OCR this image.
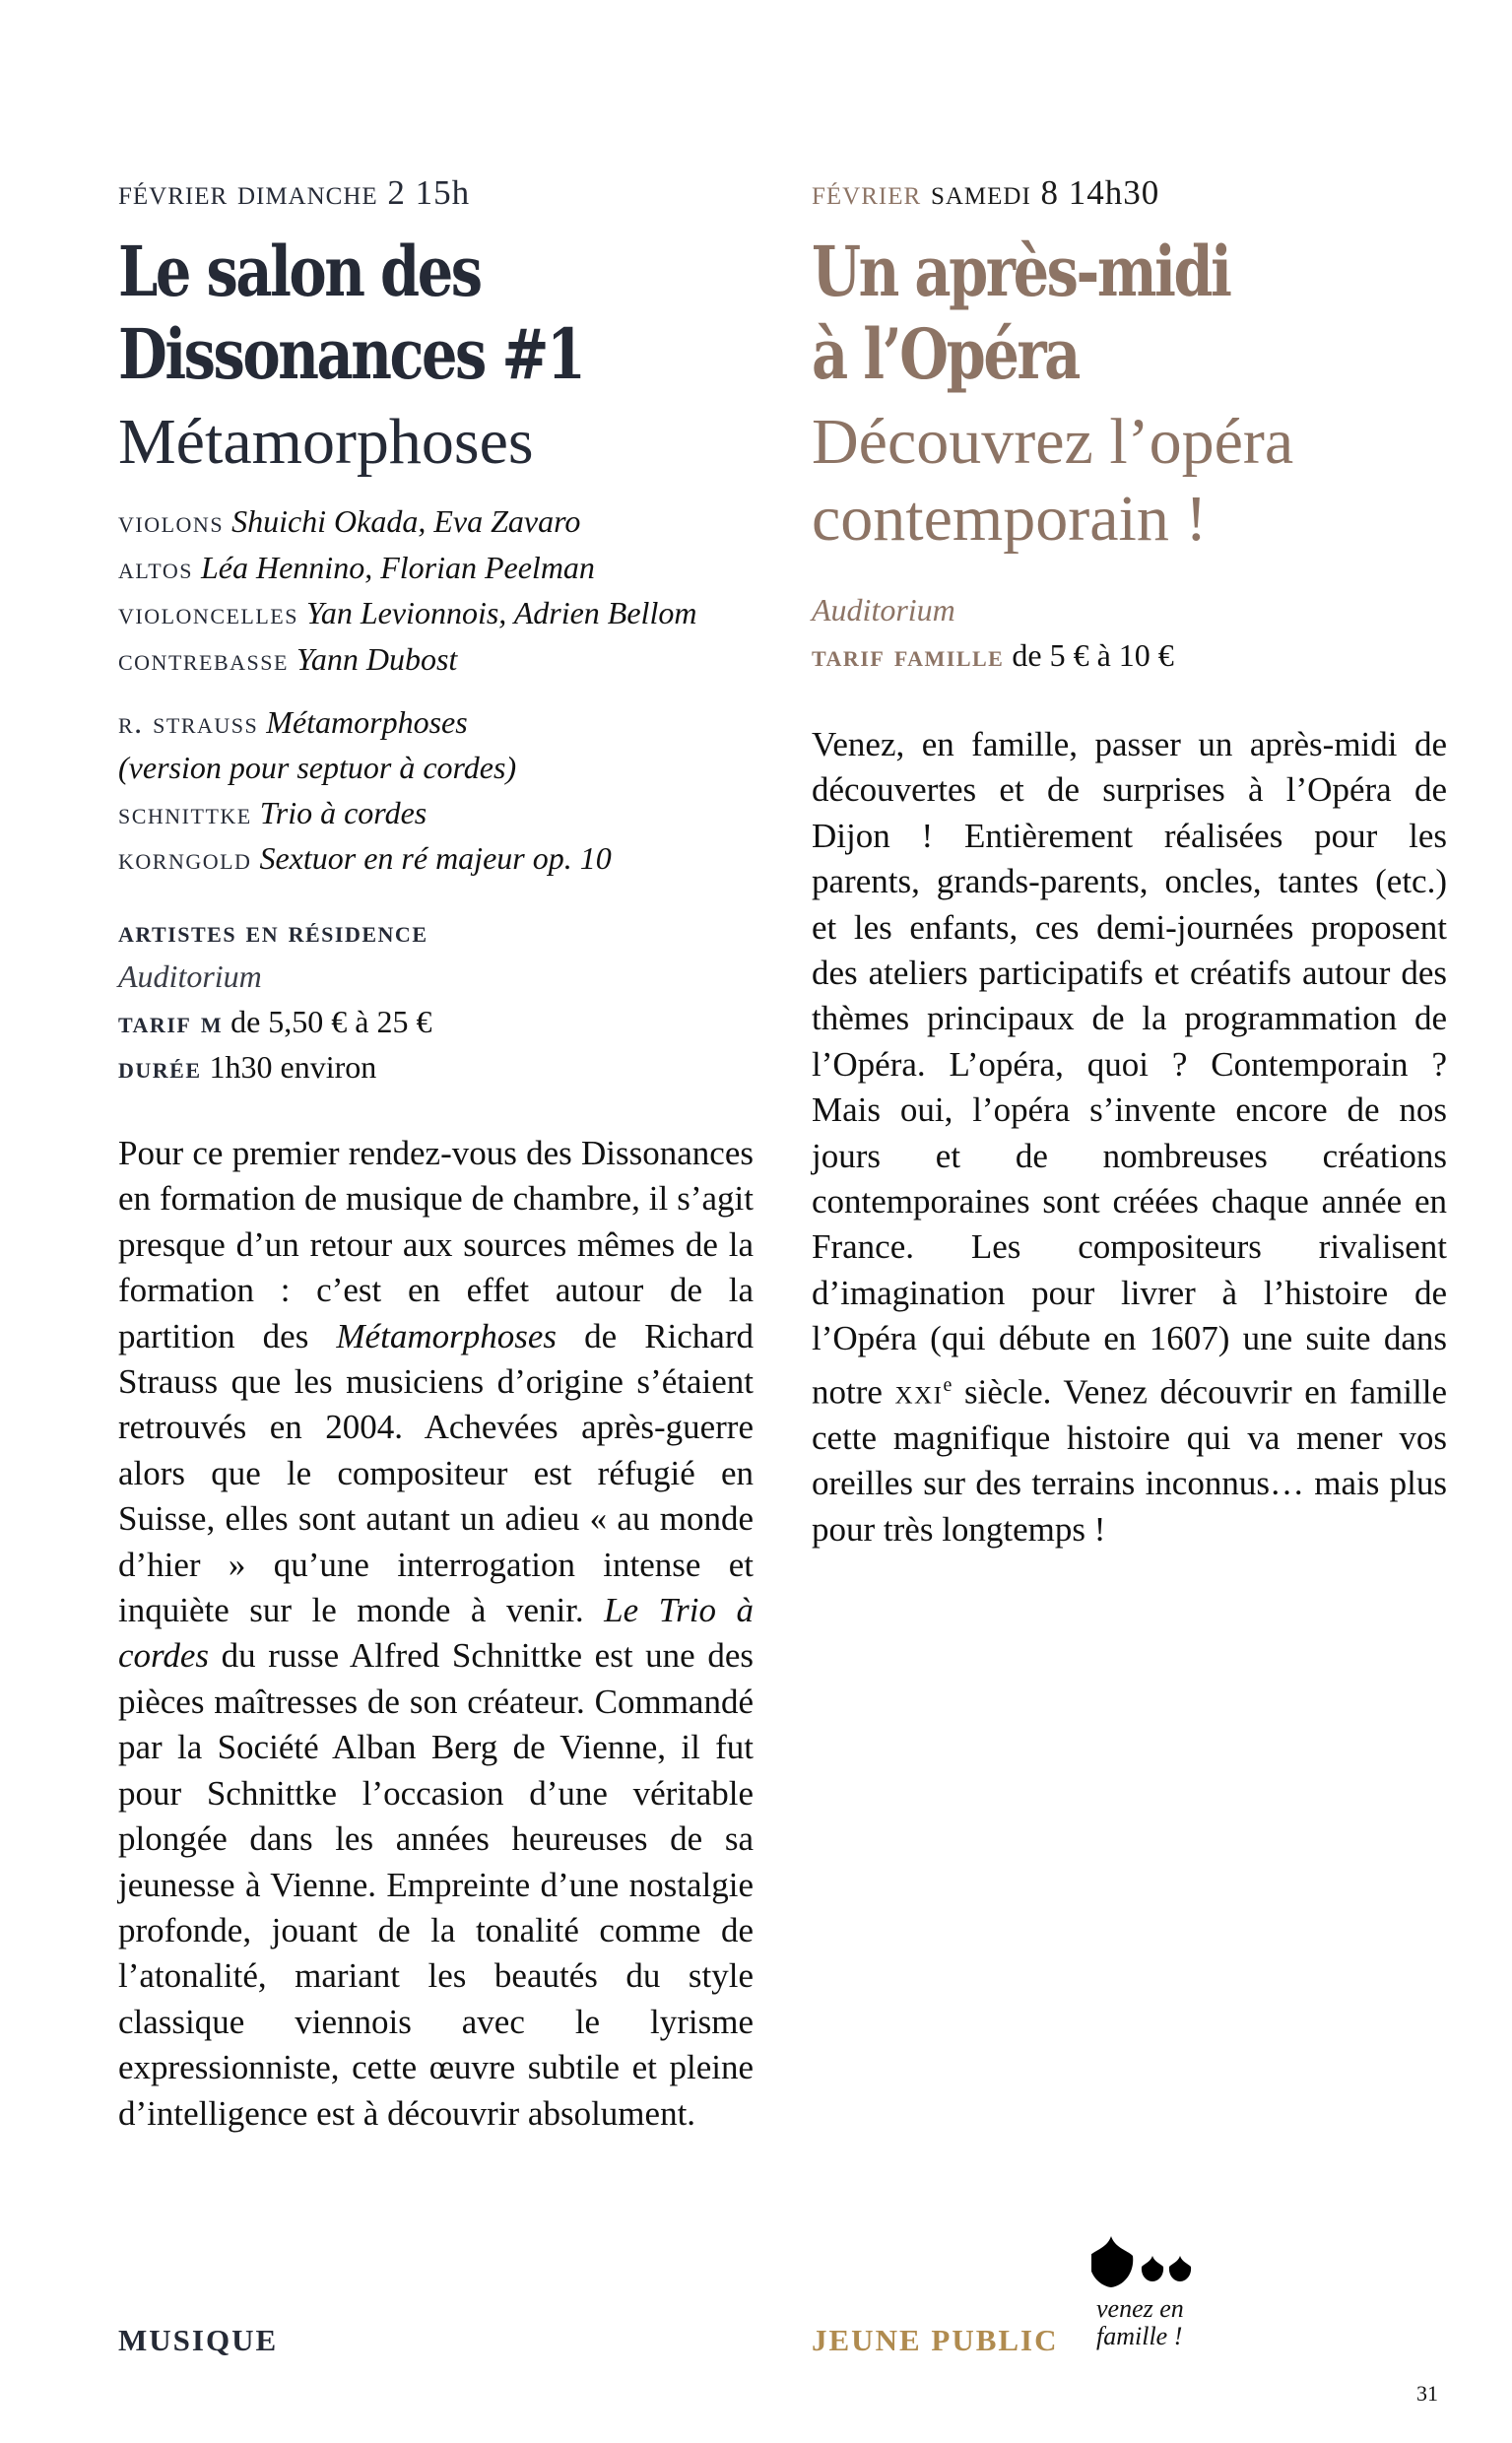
février dimanche 2 15h
Le salon des
Dissonances #1
Métamorphoses
violons Shuichi Okada, Eva Zavaro
altos Léa Hennino, Florian Peelman
violoncelles Yan Levionnois, Adrien Bellom
contrebasse Yann Dubost
r. strauss Métamorphoses
(version pour septuor à cordes)
schnittke Trio à cordes
korngold Sextuor en ré majeur op. 10
artistes en résidence
Auditorium
tarif m de 5,50 € à 25 €
durée 1h30 environ

Pour ce premier rendez-vous des Dissonances en formation de musique de chambre, il s’agit presque d’un retour aux sources mêmes de la formation : c’est en effet autour de la partition des Métamorphoses de Richard Strauss que les musiciens d’origine s’étaient retrouvés en 2004. Achevées après-guerre alors que le compositeur est réfugié en Suisse, elles sont autant un adieu « au monde d’hier » qu’une interrogation intense et inquiète sur le monde à venir. Le Trio à cordes du russe Alfred Schnittke est une des pièces maîtresses de son créateur. Commandé par la Société Alban Berg de Vienne, il fut pour Schnittke l’occasion d’une véritable plongée dans les années heureuses de sa jeunesse à Vienne. Empreinte d’une nostalgie profonde, jouant de la tonalité comme de l’atonalité, mariant les beautés du style classique viennois avec le lyrisme expressionniste, cette œuvre subtile et pleine d’intelligence est à découvrir absolument.

février samedi 8 14h30
Un après-midi
à l’Opéra
Découvrez l’opéra
contemporain !
Auditorium
tarif famille de 5 € à 10 €

Venez, en famille, passer un après-midi de découvertes et de surprises à l’Opéra de Dijon ! Entièrement réalisées pour les parents, grands-parents, oncles, tantes (etc.) et les enfants, ces demi-journées proposent des ateliers participatifs et créatifs autour des thèmes principaux de la programmation de l’Opéra. L’opéra, quoi ? Contemporain ? Mais oui, l’opéra s’invente encore de nos jours et de nombreuses créations contemporaines sont créées chaque année en France. Les compositeurs rivalisent d’imagination pour livrer à l’histoire de l’Opéra (qui débute en 1607) une suite dans notre xxi$^e$ siècle. Venez découvrir en famille cette magnifique histoire qui va mener vos oreilles sur des terrains inconnus… mais plus pour très longtemps !

MUSIQUE	JEUNE PUBLIC
venez en
famille !
31
